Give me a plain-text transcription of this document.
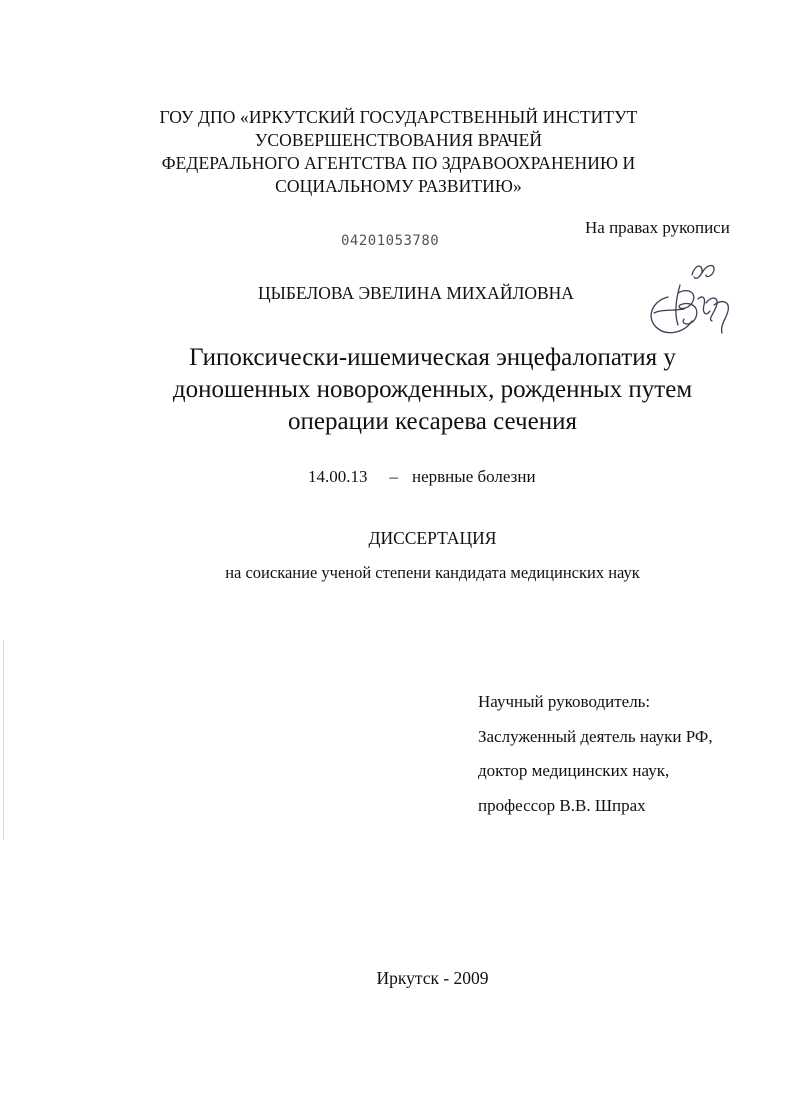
ГОУ ДПО «ИРКУТСКИЙ ГОСУДАРСТВЕННЫЙ ИНСТИТУТ
УСОВЕРШЕНСТВОВАНИЯ ВРАЧЕЙ
ФЕДЕРАЛЬНОГО АГЕНТСТВА ПО ЗДРАВООХРАНЕНИЮ И
СОЦИАЛЬНОМУ РАЗВИТИЮ»
На правах рукописи
04201053780
ЦЫБЕЛОВА ЭВЕЛИНА МИХАЙЛОВНА
Гипоксически-ишемическая энцефалопатия у
доношенных новорожденных, рожденных путем
операции кесарева сечения
14.00.13 – нервные болезни
ДИССЕРТАЦИЯ
на соискание ученой степени кандидата медицинских наук
Научный руководитель:
Заслуженный деятель науки РФ,
доктор медицинских наук,
профессор В.В. Шпрах
Иркутск - 2009
